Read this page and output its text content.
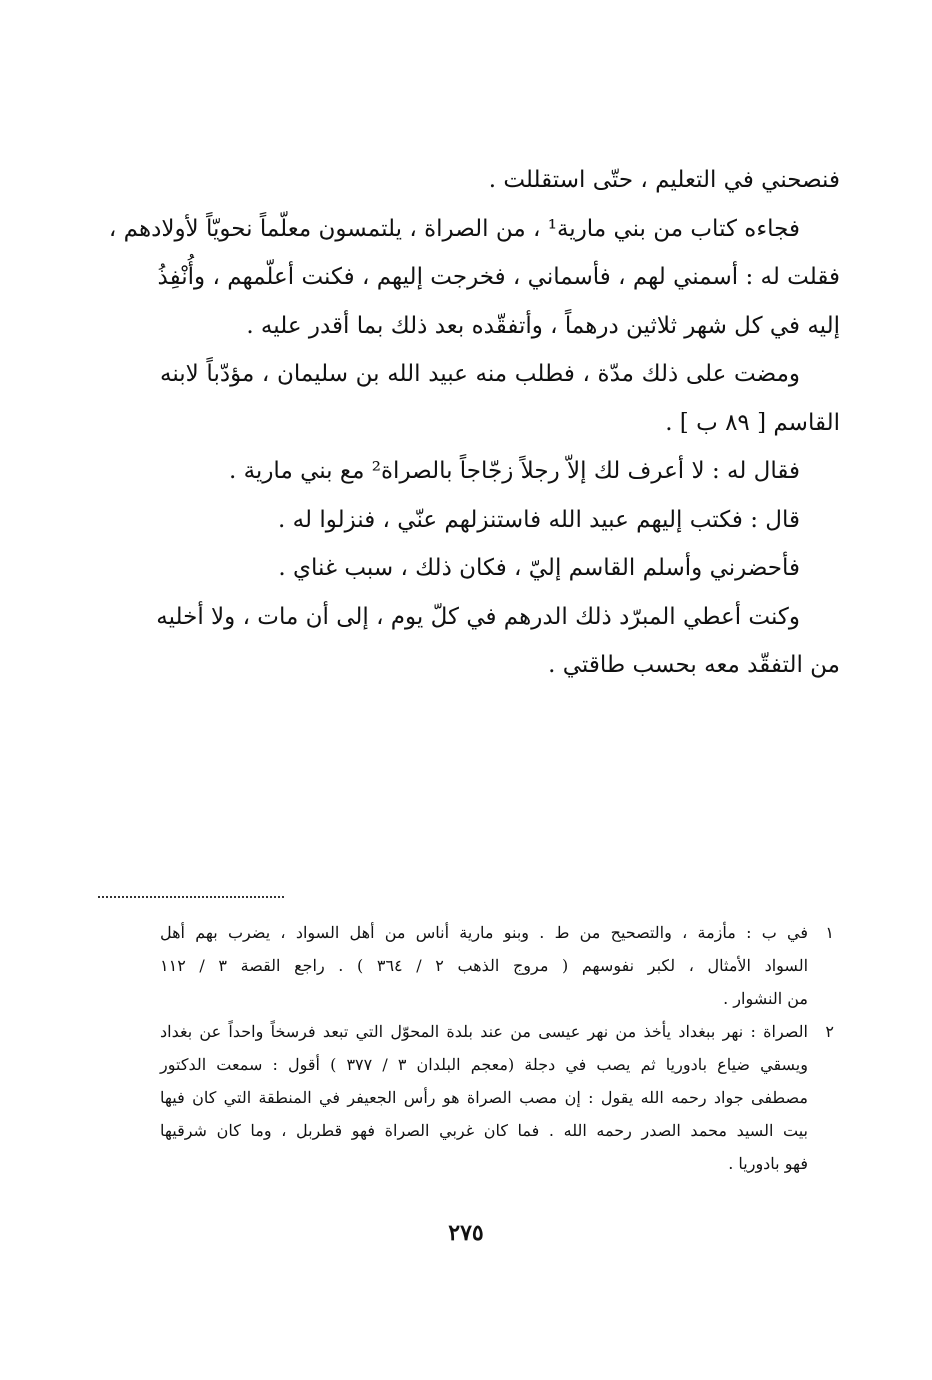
فنصحني في التعليم ، حتّى استقللت .
فجاءه كتاب من بني مارية¹ ، من الصراة ، يلتمسون معلّماً نحويّاً لأولادهم ،
فقلت له : أسمني لهم ، فأسماني ، فخرجت إليهم ، فكنت أعلّمهم ، وأُنْفِذُ
إليه في كل شهر ثلاثين درهماً ، وأتفقّده بعد ذلك بما أقدر عليه .
ومضت على ذلك مدّة ، فطلب منه عبيد الله بن سليمان ، مؤدّباً لابنه
القاسم [ ٨٩ ب ] .
فقال له : لا أعرف لك إلاّ رجلاً زجّاجاً بالصراة² مع بني مارية .
قال : فكتب إليهم عبيد الله فاستنزلهم عنّي ، فنزلوا له .
فأحضرني وأسلم القاسم إليّ ، فكان ذلك ، سبب غناي .
وكنت أعطي المبرّد ذلك الدرهم في كلّ يوم ، إلى أن مات ، ولا أخليه
من التفقّد معه بحسب طاقتي .
١
في ب : مأزمة ، والتصحيح من ط . وبنو مارية أناس من أهل السواد ، يضرب بهم أهل
السواد الأمثال ، لكبر نفوسهم ( مروج الذهب ٢ / ٣٦٤ ) . راجع القصة ٣ / ١١٢
من النشوار .
٢
الصراة : نهر ببغداد يأخذ من نهر عيسى من عند بلدة المحوّل التي تبعد فرسخاً واحداً عن بغداد
ويسقي ضياع بادوريا ثم يصب في دجلة (معجم البلدان ٣ / ٣٧٧ ) أقول : سمعت الدكتور
مصطفى جواد رحمه الله يقول : إن مصب الصراة هو رأس الجعيفر في المنطقة التي كان فيها
بيت السيد محمد الصدر رحمه الله . فما كان غربي الصراة فهو قطربل ، وما كان شرقيها
فهو بادوريا .
٢٧٥
